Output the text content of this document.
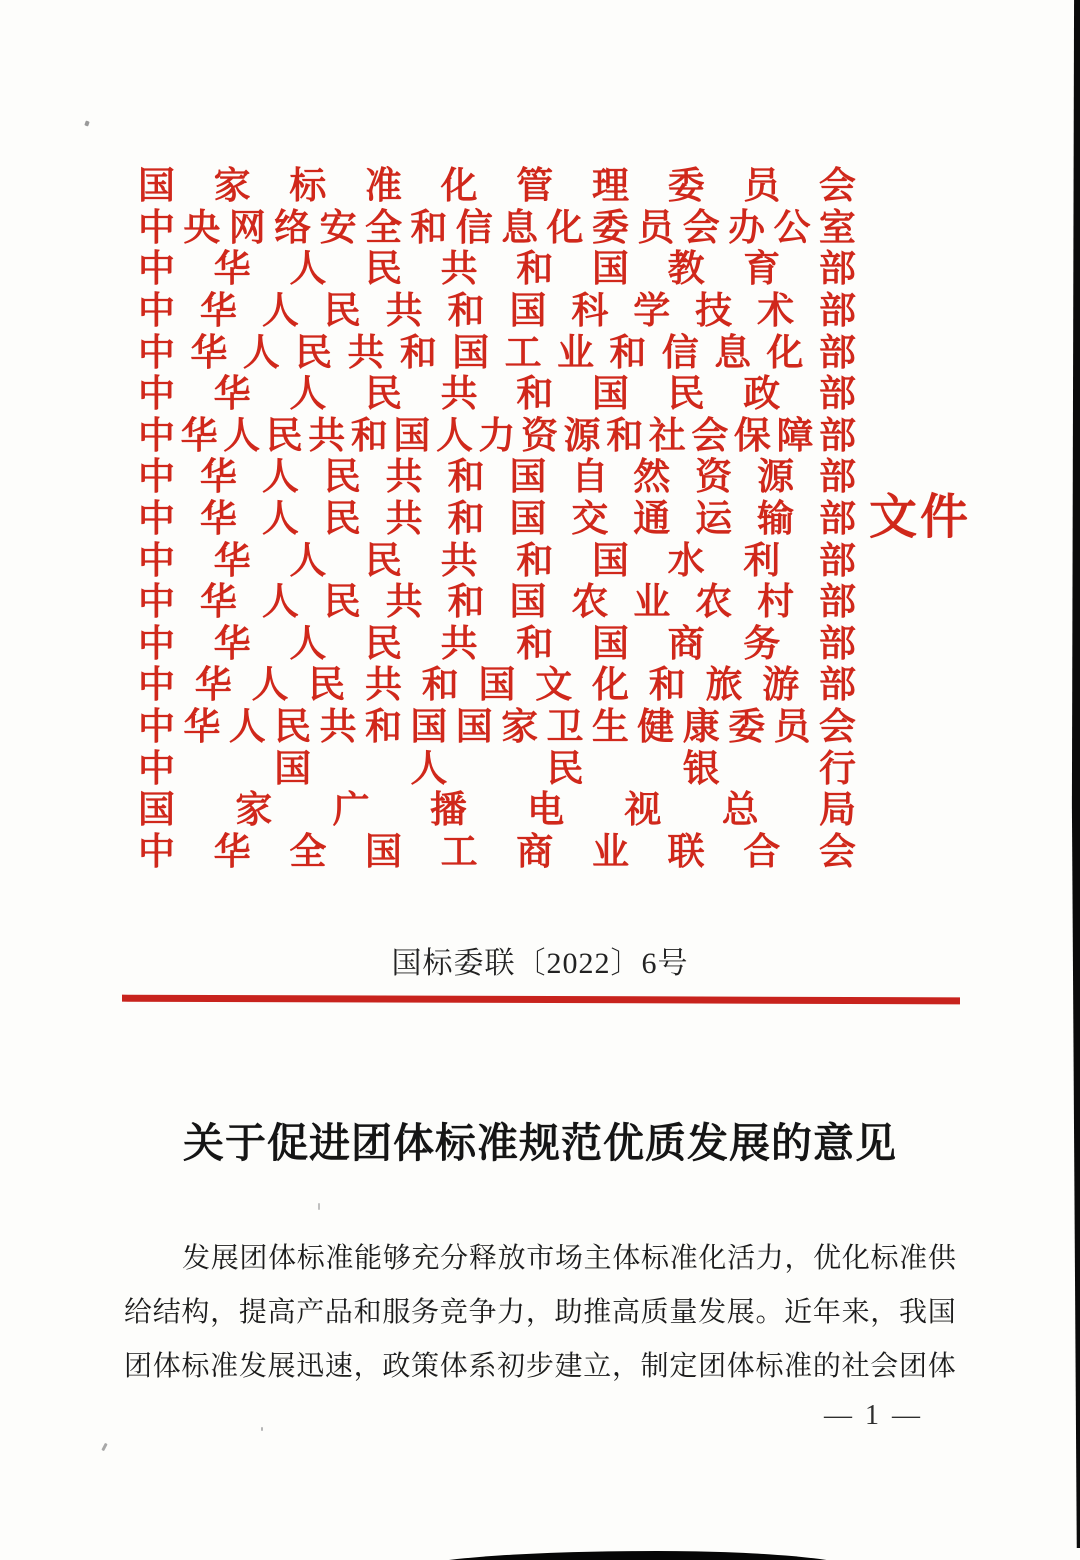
国 家 标 准 化 管 理 委 员 会
中 央 网 络 安 全 和 信 息 化 委 员 会 办 公 室
中 华 人 民 共 和 国 教 育 部
中 华 人 民 共 和 国 科 学 技 术 部
中 华 人 民 共 和 国 工 业 和 信 息 化 部
中 华 人 民 共 和 国 民 政 部
中 华 人 民 共 和 国 人 力 资 源 和 社 会 保 障 部
中 华 人 民 共 和 国 自 然 资 源 部
中 华 人 民 共 和 国 交 通 运 输 部
中 华 人 民 共 和 国 水 利 部
中 华 人 民 共 和 国 农 业 农 村 部
中 华 人 民 共 和 国 商 务 部
中 华 人 民 共 和 国 文 化 和 旅 游 部
中 华 人 民 共 和 国 国 家 卫 生 健 康 委 员 会
中	国	人	民	银	行
国 家 广 播 电 视 总 局
中 华 全 国 工 商 业 联 合 会
文件
国标委联〔2022〕6号
关于促进团体标准规范优质发展的意见
发 展 团 体 标 准 能 够 充 分 释 放 市 场 主 体 标 准 化 活 力 ， 优 化 标 准 供
给 结 构 ， 提 高 产 品 和 服 务 竞 争 力 ， 助 推 高 质 量 发 展 。 近 年 来 ， 我 国
团 体 标 准 发 展 迅 速 ， 政 策 体 系 初 步 建 立 ， 制 定 团 体 标 准 的 社 会 团 体
— 1 —
